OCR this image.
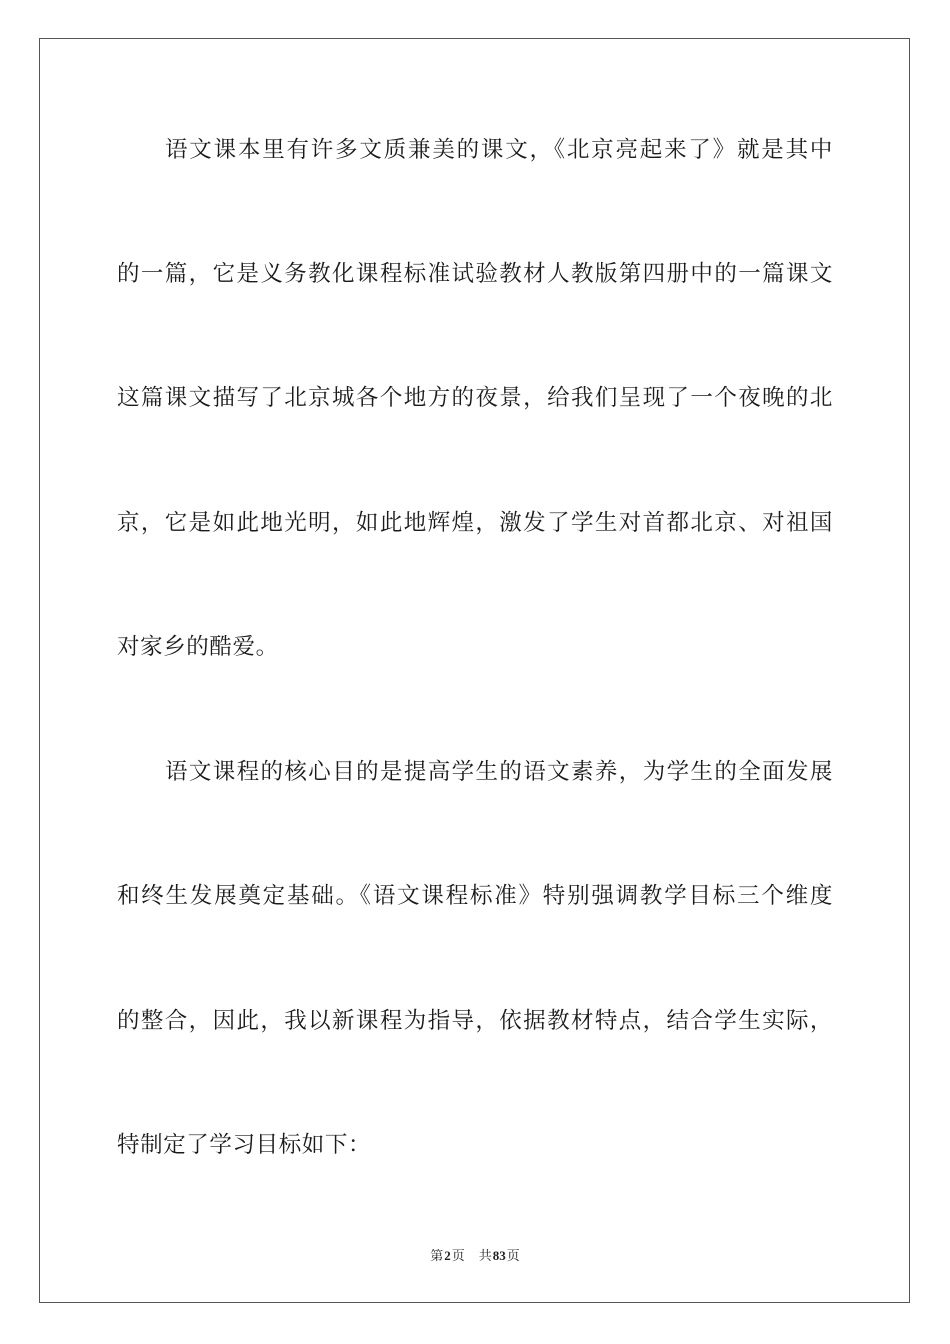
语文课本里有许多文质兼美的课文，《北京亮起来了》就是其中
的一篇，它是义务教化课程标准试验教材人教版第四册中的一篇课文
这篇课文描写了北京城各个地方的夜景，给我们呈现了一个夜晚的北
京，它是如此地光明，如此地辉煌，激发了学生对首都北京、对祖国
对家乡的酷爱。
语文课程的核心目的是提高学生的语文素养，为学生的全面发展
和终生发展奠定基础。《语文课程标准》特别强调教学目标三个维度
的整合，因此，我以新课程为指导，依据教材特点，结合学生实际，
特制定了学习目标如下：
第2页 共83页
